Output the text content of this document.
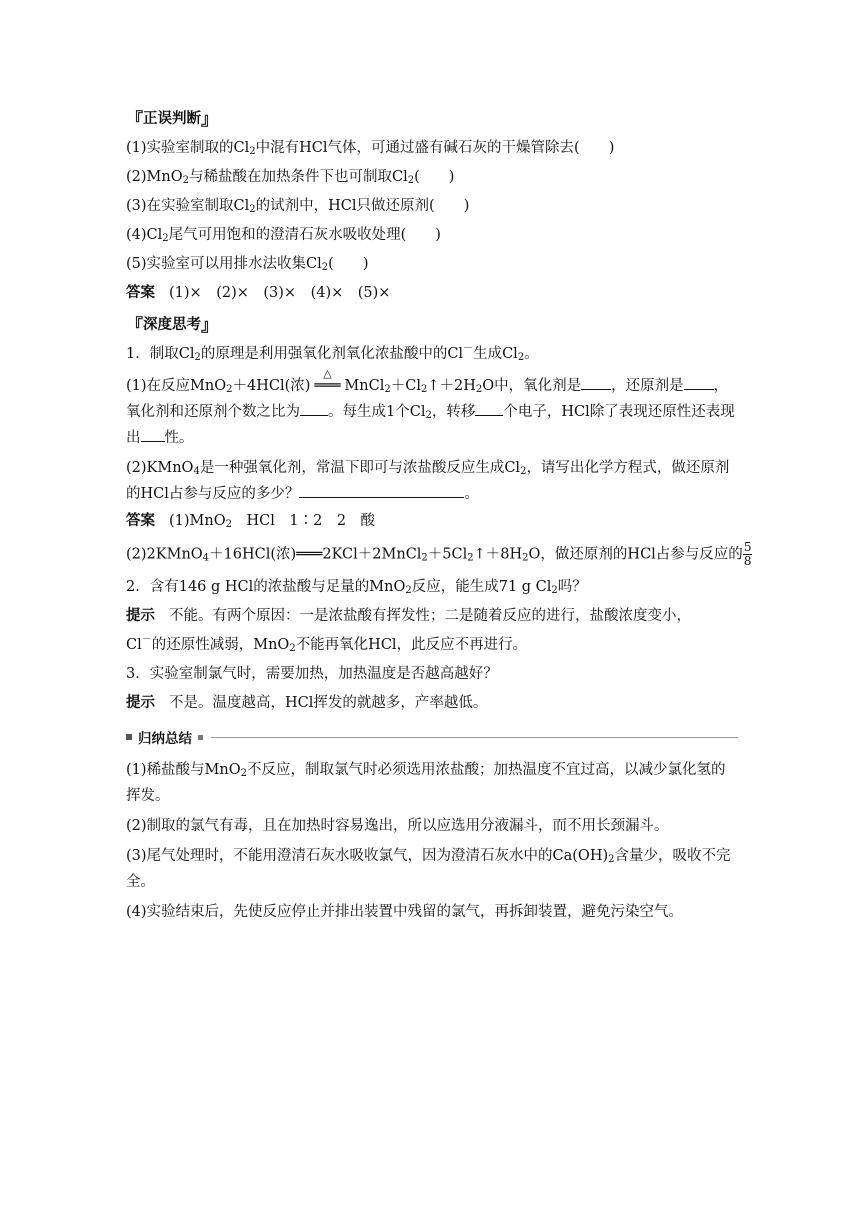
『 正误判断 』
(1)实验室制取的$Cl_2$中混有HCl气体，可通过盛有碱石灰的干燥管除去(　　)
(2)MnO$_2$与稀盐酸在加热条件下也可制取$Cl_2$(　　)
(3)在实验室制取$Cl_2$的试剂中，HCl只做还原剂(　　)
$(4)Cl_2$尾气可用饱和的澄清石灰水吸收处理(　　)
(5)实验室可以用排水法收集$Cl_2$(　　)
答案 (1)×　(2)×　(3)×　(4)×　(5)×
『 深度思考 』
1．制取$Cl_2$的原理是利用强氧化剂氧化浓盐酸中的Cl－生成$Cl_2$。
(1)在反应MnO$_2$＋4HCl(浓)
△
═══ $MnCl_2+Cl_2↑+2H_2O$中，氧化剂是 ，还原剂是 ，氧化剂和还原剂个数之比为 。每生成1个$Cl_2$，转移 个电子，HCl除了表现还原性还表现出 性。
(2)KMnO$_4$是一种强氧化剂，常温下即可与浓盐酸反应生成$Cl_2$，请写出化学方程式，做还原剂的HCl占参与反应的多少？	。
答案 (1)MnO$_2$　HCl　1∶2　2　酸
(2)2KMnO$_4$＋16HCl(浓)$═══2KCl+2MnCl_2+5Cl_2↑+8H_2O$，做还原剂的HCl占参与反应的 $\frac{5}{8}$
2．含有146 g HCl的浓盐酸与足量的MnO$_2$反应，能生成71 g $Cl_2$吗？
提示 不能。有两个原因：一是浓盐酸有挥发性；二是随着反应的进行，盐酸浓度变小，
Cl－的还原性减弱，MnO$_2$不能再氧化HCl，此反应不再进行。
3．实验室制氯气时，需要加热，加热温度是否越高越好？
提示 不是。温度越高，HCl挥发的就越多，产率越低。
归纳总结
(1)稀盐酸与MnO$_2$不反应，制取氯气时必须选用浓盐酸；加热温度不宜过高，以减少氯化氢的挥发。
(2)制取的氯气有毒，且在加热时容易逸出，所以应选用分液漏斗，而不用长颈漏斗。
(3)尾气处理时，不能用澄清石灰水吸收氯气，因为澄清石灰水中的$Ca(OH)_2$含量少，吸收不完全。
(4)实验结束后，先使反应停止并排出装置中残留的氯气，再拆卸装置，避免污染空气。
